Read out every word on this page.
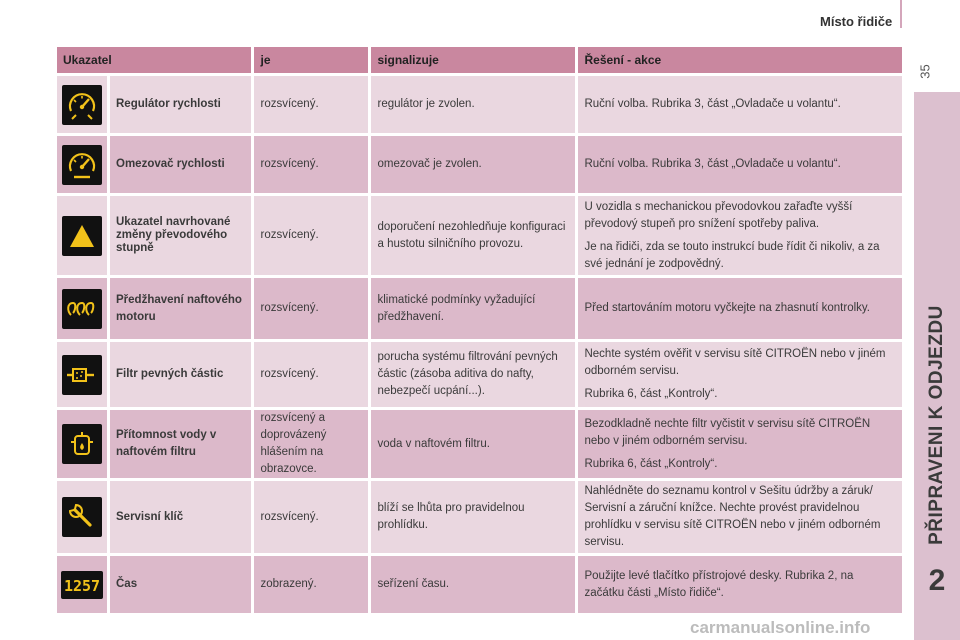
Místo řidiče
35
PŘIPRAVENI K ODJEZDU
2
Ukazatel		je	signalizuje	Řešení - akce

	Regulátor rychlosti	rozsvícený.	regulátor je zvolen.	Ruční volba. Rubrika 3, část „Ovladače u volantu“.

	Omezovač rychlosti	rozsvícený.	omezovač je zvolen.	Ruční volba. Rubrika 3, část „Ovladače u volantu“.

	Ukazatel navrhované změny převodového stupně	rozsvícený.	doporučení nezohledňuje konfiguraci a hustotu silničního provozu.	U vozidla s mechanickou převodovkou zařaďte vyšší převodový stupeň pro snížení spotřeby paliva.
Je na řidiči, zda se touto instrukcí bude řídit či nikoliv, a za své jednání je zodpovědný.

	Předžhavení naftového motoru	rozsvícený.	klimatické podmínky vyžadující předžhavení.	Před startováním motoru vyčkejte na zhasnutí kontrolky.

	Filtr pevných částic	rozsvícený.	porucha systému filtrování pevných částic (zásoba aditiva do nafty, nebezpečí ucpání...).	Nechte systém ověřit v servisu sítě CITROËN nebo v jiném odborném servisu.
Rubrika 6, část „Kontroly“.

	Přítomnost vody v naftovém filtru	rozsvícený a doprovázený hlášením na obrazovce.	voda v naftovém filtru.	Bezodkladně nechte filtr vyčistit v servisu sítě CITROËN nebo v jiném odborném servisu.
Rubrika 6, část „Kontroly“.

	Servisní klíč	rozsvícený.	blíží se lhůta pro pravidelnou prohlídku.	Nahlédněte do seznamu kontrol v Sešitu údržby a záruk/ Servisní a záruční knížce. Nechte provést pravidelnou prohlídku v servisu sítě CITROËN nebo v jiném odborném servisu.

1257	Čas	zobrazený.	seřízení času.	Použijte levé tlačítko přístrojové desky. Rubrika 2, na začátku části „Místo řidiče“.
carmanualsonline.info
